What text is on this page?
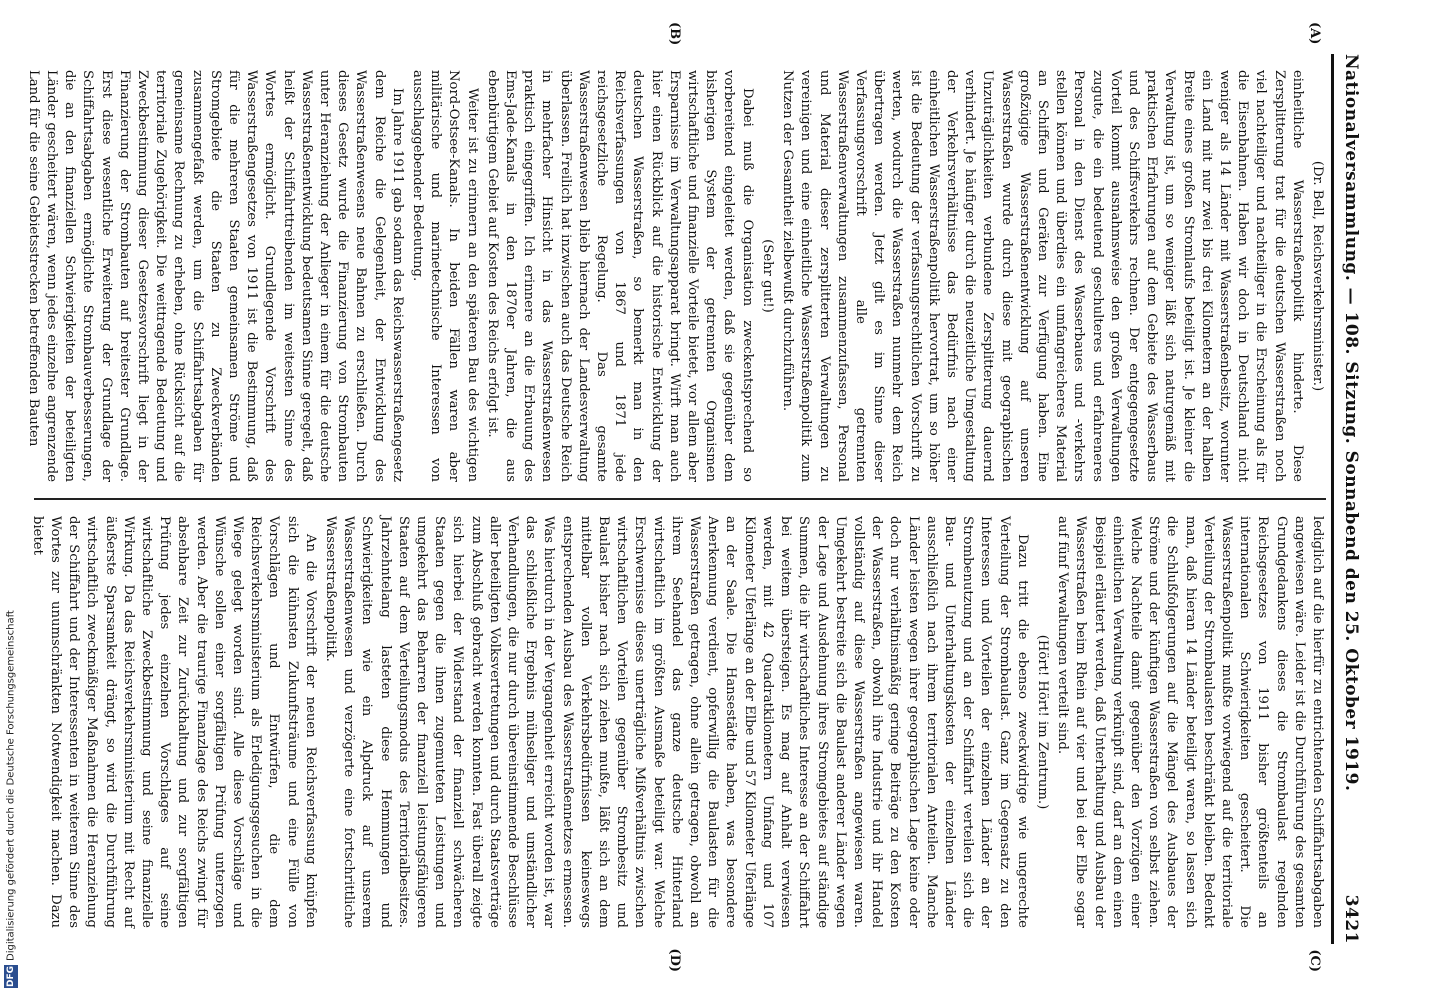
Nationalversammlung. — 108. Sitzung. Sonnabend den 25. Oktober 1919.
3421
(A)
(B)
(C)
(D)

(Dr. Bell, Reichsverkehrsminister.)

einheitliche Wasserstraßenpolitik hinderte. Diese Zersplitterung trat für die deutschen Wasserstraßen noch viel nachteiliger und nachteiliger in die Erscheinung als für die Eisenbahnen. Haben wir doch in Deutschland nicht weniger als 14 Länder mit Wasserstraßenbesitz, worunter ein Land mit nur zwei bis drei Kilometern an der halben Breite eines großen Stromlaufs beteiligt ist. Je kleiner die Verwaltung ist, um so weniger läßt sich naturgemäß mit praktischen Erfahrungen auf dem Gebiete des Wasserbaus und des Schiffsverkehrs rechnen. Der entgegengesetzte Vorteil kommt ausnahmsweise den großen Verwaltungen zugute, die ein bedeutend geschulteres und erfahreneres Personal in den Dienst des Wasserbaues und -verkehrs stellen können und überdies ein umfangreicheres Material an Schiffen und Geräten zur Verfügung haben. Eine großzügige Wasserstraßenentwicklung auf unseren Wasserstraßen wurde durch diese mit geographischen Unzuträglichkeiten verbundene Zersplitterung dauernd verhindert. Je häufiger durch die neuzeitliche Umgestaltung der Verkehrsverhältnisse das Bedürfnis nach einer einheitlichen Wasserstraßenpolitik hervortrat, um so höher ist die Bedeutung der verfassungsrechtlichen Vorschrift zu werten, wodurch die Wasserstraßen nunmehr dem Reich übertragen werden. Jetzt gilt es im Sinne dieser Verfassungsvorschrift alle getrennten Wasserstraßenverwaltungen zusammenzufassen, Personal und Material dieser zersplitterten Verwaltungen zu vereinigen und eine einheitliche Wasserstraßenpolitik zum Nutzen der Gesamtheit zielbewußt durchzuführen.

(Sehr gut!)

Dabei muß die Organisation zweckentsprechend so vorbereitend eingeleitet werden, daß sie gegenüber dem bisherigen System der getrennten Organismen wirtschaftliche und finanzielle Vorteile bietet, vor allem aber Ersparnisse im Verwaltungsapparat bringt. Wirft man auch hier einen Rückblick auf die historische Entwicklung der deutschen Wasserstraßen, so bemerkt man in den Reichsverfassungen von 1867 und 1871 jede reichsgesetzliche Regelung. Das gesamte Wasserstraßenwesen blieb hiernach der Landesverwaltung überlassen. Freilich hat inzwischen auch das Deutsche Reich in mehrfacher Hinsicht in das Wasserstraßenwesen praktisch eingegriffen. Ich erinnere an die Erbauung des Ems-Jade-Kanals in den 1870er Jahren, die aus ebenbürtigem Gebiet auf Kosten des Reichs erfolgt ist.

Weiter ist zu erinnern an den späteren Bau des wichtigen Nord-Ostsee-Kanals. In beiden Fällen waren aber militärische und marinetechnische Interessen von ausschlaggebender Bedeutung.

Im Jahre 1911 gab sodann das Reichswasserstraßengesetz dem Reiche die Gelegenheit, der Entwicklung des Wasserstraßenwesens neue Bahnen zu erschließen. Durch dieses Gesetz wurde die Finanzierung von Strombauten unter Heranziehung der Anlieger in einem für die deutsche Wasserstraßenentwicklung bedeutsamen Sinne geregelt, daß heißt der Schiffahrttreibenden im weitesten Sinne des Wortes ermöglicht. Grundlegende Vorschrift des Wasserstraßengesetzes von 1911 ist die Bestimmung, daß für die mehreren Staaten gemeinsamen Ströme und Stromgebiete die Staaten zu Zweckverbänden zusammengefaßt werden, um die Schiffahrtsabgaben für gemeinsame Rechnung zu erheben, ohne Rücksicht auf die territoriale Zugehörigkeit. Die weittragende Bedeutung und Zweckbestimmung dieser Gesetzesvorschrift liegt in der Finanzierung der Strombauten auf breitester Grundlage. Erst diese wesentliche Erweiterung der Grundlage der Schiffahrtsabgaben ermöglichte Strombauverbesserungen, die an den finanziellen Schwierigkeiten der beteiligten Länder gescheitert wären, wenn jedes einzelne angrenzende Land für die seine Gebietsstrecken betreffenden Bauten

lediglich auf die hierfür zu entrichtenden Schiffahrtsabgaben angewiesen wäre. Leider ist die Durchführung des gesamten Grundgedankens dieses die Strombaulast regelnden Reichsgesetzes von 1911 bisher größtenteils an internationalen Schwierigkeiten gescheitert. Die Wasserstraßenpolitik mußte vorwiegend auf die territoriale Verteilung der Strombaulasten beschränkt bleiben. Bedenkt man, daß hieran 14 Länder beteiligt waren, so lassen sich die Schlußfolgerungen auf die Mängel des Ausbaues der Ströme und der künftigen Wasserstraßen von selbst ziehen. Welche Nachteile damit gegenüber den Vorzügen einer einheitlichen Verwaltung verknüpft sind, darf an dem einen Beispiel erläutert werden, daß Unterhaltung und Ausbau der Wasserstraßen beim Rhein auf vier und bei der Elbe sogar auf fünf Verwaltungen verteilt sind.

(Hört! Hört! im Zentrum.)

Dazu tritt die ebenso zweckwidrige wie ungerechte Verteilung der Strombaulast. Ganz im Gegensatz zu den Interessen und Vorteilen der einzelnen Länder an der Strombenutzung und an der Schiffahrt verteilen sich die Bau- und Unterhaltungskosten der einzelnen Länder ausschließlich nach ihrem territorialen Anteilen. Manche Länder leisten wegen ihrer geographischen Lage keine oder doch nur verhältnismäßig geringe Beiträge zu den Kosten der Wasserstraßen, obwohl ihre Industrie und ihr Handel vollständig auf diese Wasserstraßen angewiesen waren. Umgekehrt bestreite sich die Baulast anderer Länder wegen der Lage und Ausdehnung ihres Stromgebietes auf ständige Summen, die ihr wirtschaftliches Interesse an der Schiffahrt bei weitem übersteigen. Es mag auf Anhalt verwiesen werden, mit 42 Quadratkilometern Umfang und 107 Kilometer Uferlänge an der Elbe und 57 Kilometer Uferlänge an der Saale. Die Hansestädte haben, was besondere Anerkennung verdient, opferwillig die Baulasten für die Wasserstraßen getragen, ohne allein getragen, obwohl an ihrem Seehandel das ganze deutsche Hinterland wirtschaftlich im größten Ausmaße beteiligt war. Welche Erschwernisse dieses unerträgliche Mißverhältnis zwischen wirtschaftlichen Vorteilen gegenüber Strombesitz und Baulast bisher nach sich ziehen mußte, läßt sich an dem mittelbar vollen Verkehrsbedürfnissen keineswegs entsprechenden Ausbau des Wasserstraßennetzes ermessen. Was hierdurch in der Vergangenheit erreicht worden ist, war das schließliche Ergebnis mühseliger und umständlicher Verhandlungen, die nur durch übereinstimmende Beschlüsse aller beteiligten Volksvertretungen und durch Staatsverträge zum Abschluß gebracht werden konnten. Fast überall zeigte sich hierbei der Widerstand der finanziell schwächeren Staaten gegen die ihnen zugemuteten Leistungen und umgekehrt das Beharren der finanziell leistungsfähigeren Staaten auf dem Verteilungsmodus des Territorialbesitzes. Jahrzehntelang lasteten diese Hemmungen und Schwierigkeiten wie ein Alpdruck auf unserem Wasserstraßenwesen und verzögerte eine fortschrittliche Wasserstraßenpolitik.

An die Vorschrift der neuen Reichsverfassung knüpfen sich die kühnsten Zukunftsträume und eine Fülle von Vorschlägen und Entwürfen, die dem Reichsverkehrsministerium als Erledigungsgesuchen in die Wiege gelegt worden sind. Alle diese Vorschläge und Wünsche sollen einer sorgfältigen Prüfung unterzogen werden. Aber die traurige Finanzlage des Reichs zwingt für absehbare Zeit zur Zurückhaltung und zur sorgfältigen Prüfung jedes einzelnen Vorschlages auf seine wirtschaftliche Zweckbestimmung und seine finanzielle Wirkung. Da das Reichsverkehrsministerium mit Recht auf äußerste Sparsamkeit drängt, so wird die Durchführung wirtschaftlich zweckmäßiger Maßnahmen die Heranziehung der Schiffahrt und der Interessenten in weiterem Sinne des Wortes zur unumschränkten Notwendigkeit machen. Dazu bietet

DFG
Digitalisierung gefördert durch die Deutsche Forschungsgemeinschaft
